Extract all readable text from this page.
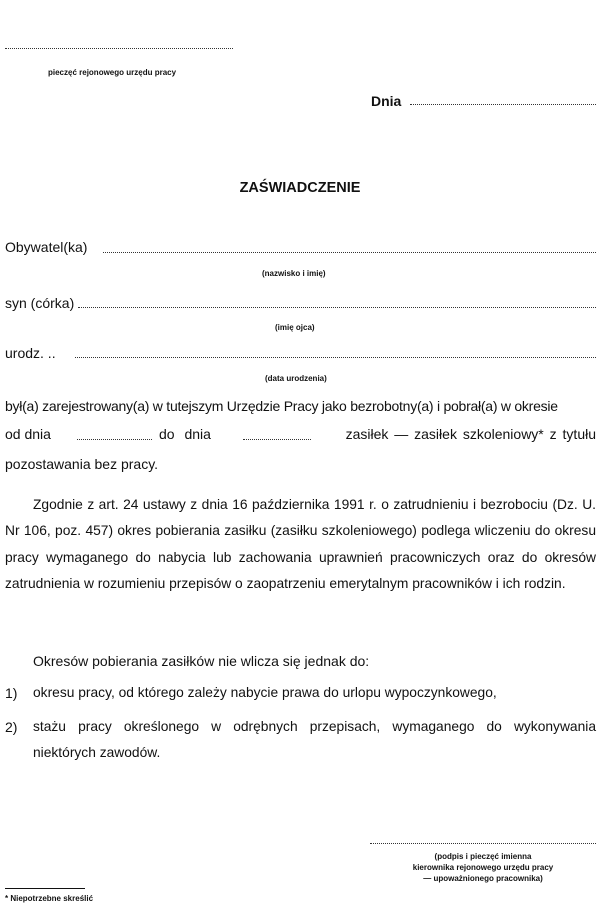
pieczęć rejonowego urzędu pracy
Dnia
ZAŚWIADCZENIE
Obywatel(ka)
(nazwisko i imię)
syn (córka)
(imię ojca)
urodz. ..
(data urodzenia)
był(a) zarejestrowany(a) w tutejszym Urzędzie Pracy jako bezrobotny(a) i pobrał(a) w okresie
od dnia	do dnia	zasiłek — zasiłek szkoleniowy* z tytułu
pozostawania bez pracy.
Zgodnie z art. 24 ustawy z dnia 16 października 1991 r. o zatrudnieniu i bezrobociu (Dz. U. Nr 106, poz. 457) okres pobierania zasiłku (zasiłku szkoleniowego) podlega wliczeniu do okresu pracy wymaganego do nabycia lub zachowania uprawnień pracowniczych oraz do okresów zatrudnienia w rozumieniu przepisów o zaopatrzeniu emerytalnym pracowników i ich rodzin.
Okresów pobierania zasiłków nie wlicza się jednak do:
1) okresu pracy, od którego zależy nabycie prawa do urlopu wypoczynkowego,
2) stażu pracy określonego w odrębnych przepisach, wymaganego do wykonywania niektórych zawodów.
(podpis i pieczęć imienna
kierownika rejonowego urzędu pracy
— upoważnionego pracownika)
* Niepotrzebne skreślić
